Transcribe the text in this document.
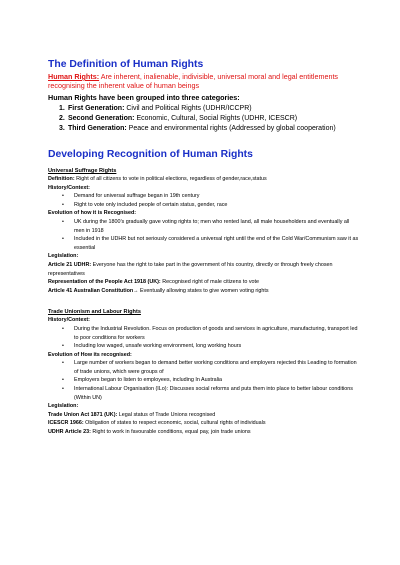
The Definition of Human Rights
Human Rights: Are inherent, inalienable, indivisible, universal moral and legal entitlements recognising the inherent value of human beings
Human Rights have been grouped into three categories:
1. First Generation: Civil and Political Rights (UDHR/ICCPR)
2. Second Generation: Economic, Cultural, Social Rights (UDHR, ICESCR)
3. Third Generation: Peace and environmental rights (Addressed by global cooperation)
Developing Recognition of Human Rights
Universal Suffrage Rights
Definition: Right of all citizens to vote in political elections, regardless of gender,race,status
History/Context:
• Demand for universal suffrage began in 19th century
• Right to vote only included people of certain status, gender, race
Evolution of how it is Recognised:
• UK during the 1800’s gradually gave voting rights to; men who rented land, all male householders and eventually all men in 1918
• Included in the UDHR but not seriously considered a universal right until the end of the Cold War/Communism saw it as essential
Legislation:
Article 21 UDHR: Everyone has the right to take part in the government of his country, directly or through freely chosen representatives
Representation of the People Act 1918 (UK): Recognised right of male citizens to vote
Article 41 Australian Constitution→ Eventually allowing states to give women voting rights
Trade Unionism and Labour Rights
History/Context:
• During the Industrial Revolution. Focus on production of goods and services in agriculture, manufacturing, transport led to poor conditions for workers
• Including low waged, unsafe working environment, long working hours
Evolution of How its recognised:
• Large number of workers began to demand better working conditions and employers rejected this Leading to formation of trade unions, which were groups of
• Employers began to listen to employees, including In Australia
• International Labour Organisation (ILo): Discusses social reforms and puts them into place to better labour conditions (Within UN)
Legislation:
Trade Union Act 1871 (UK): Legal status of Trade Unions recognised
ICESCR 1966: Obligation of states to respect economic, social, cultural rights of individuals
UDHR Article 23: Right to work in favourable conditions, equal pay, join trade unions
